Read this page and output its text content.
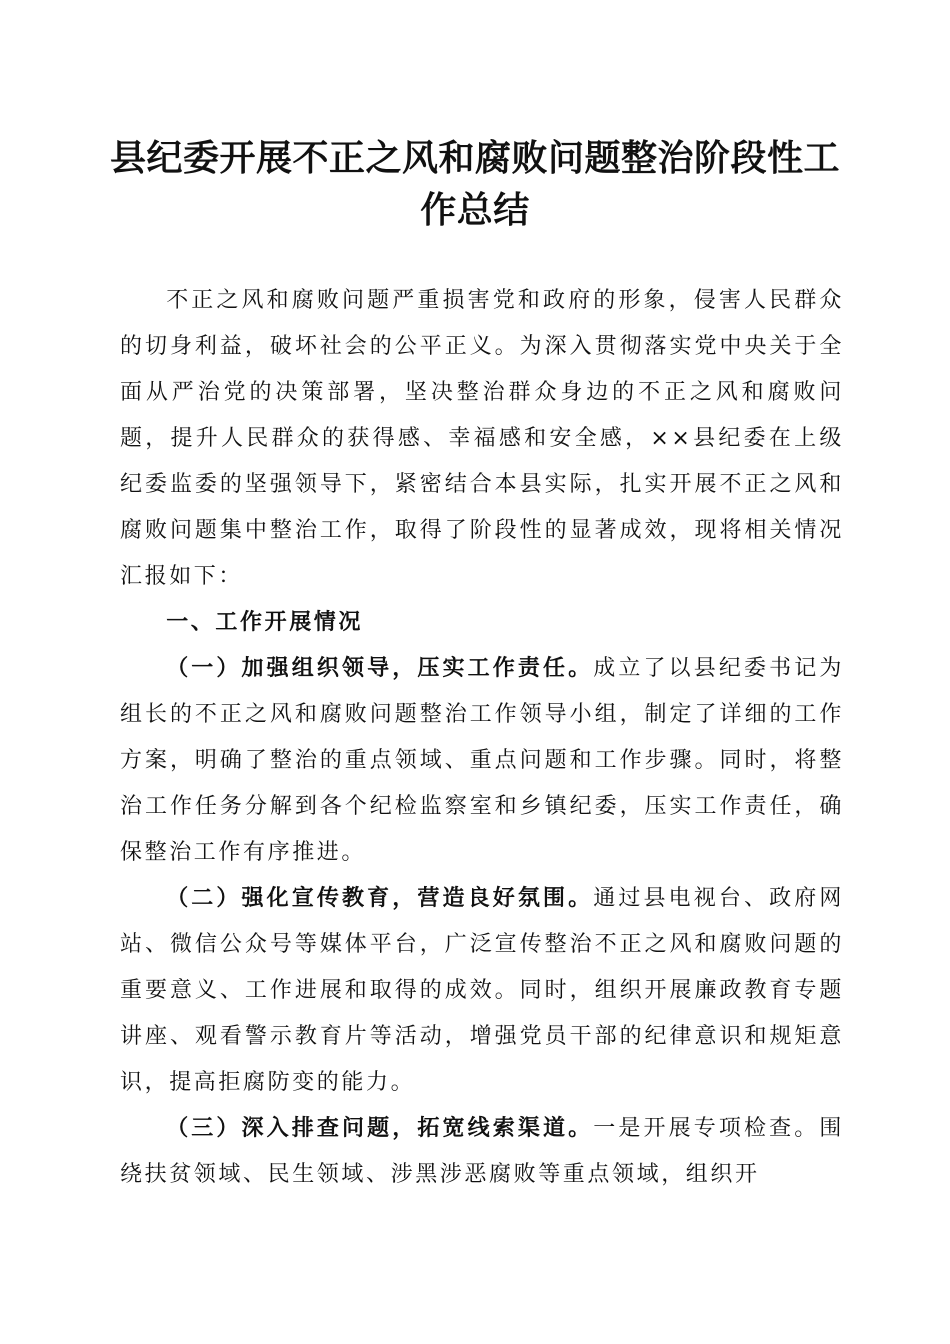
县纪委开展不正之风和腐败问题整治阶段性工作总结

不正之风和腐败问题严重损害党和政府的形象，侵害人民群众的切身利益，破坏社会的公平正义。为深入贯彻落实党中央关于全面从严治党的决策部署，坚决整治群众身边的不正之风和腐败问题，提升人民群众的获得感、幸福感和安全感，××县纪委在上级纪委监委的坚强领导下，紧密结合本县实际，扎实开展不正之风和腐败问题集中整治工作，取得了阶段性的显著成效，现将相关情况汇报如下：

一、工作开展情况

（一）加强组织领导，压实工作责任。成立了以县纪委书记为组长的不正之风和腐败问题整治工作领导小组，制定了详细的工作方案，明确了整治的重点领域、重点问题和工作步骤。同时，将整治工作任务分解到各个纪检监察室和乡镇纪委，压实工作责任，确保整治工作有序推进。

（二）强化宣传教育，营造良好氛围。通过县电视台、政府网站、微信公众号等媒体平台，广泛宣传整治不正之风和腐败问题的重要意义、工作进展和取得的成效。同时，组织开展廉政教育专题讲座、观看警示教育片等活动，增强党员干部的纪律意识和规矩意识，提高拒腐防变的能力。

（三）深入排查问题，拓宽线索渠道。一是开展专项检查。围绕扶贫领域、民生领域、涉黑涉恶腐败等重点领域，组织开
